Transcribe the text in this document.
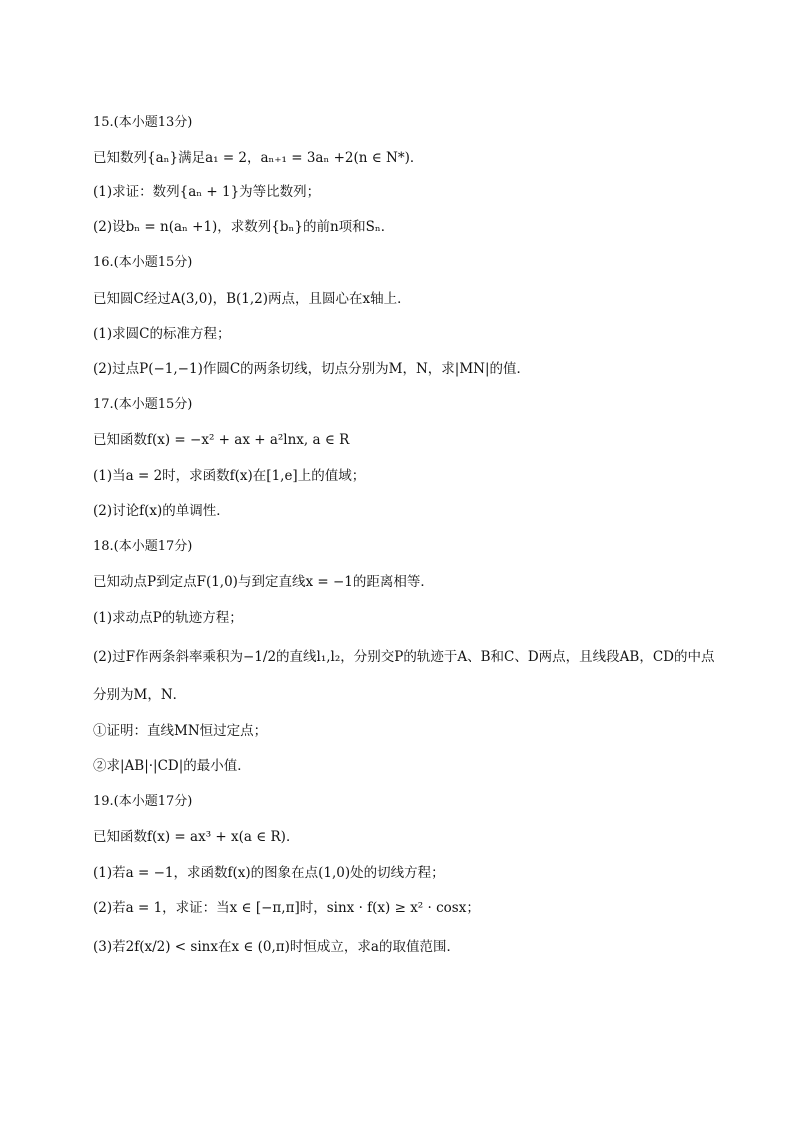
15.(本小题13分)
已知数列{aₙ}满足a₁ = 2，aₙ₊₁ = 3aₙ +2(n ∈ N*)．
(1)求证：数列{aₙ + 1}为等比数列；
(2)设bₙ = n(aₙ +1)，求数列{bₙ}的前n项和Sₙ．
16.(本小题15分)
已知圆C经过A(3,0)，B(1,2)两点，且圆心在x轴上．
(1)求圆C的标准方程；
(2)过点P(−1,−1)作圆C的两条切线，切点分别为M，N，求|MN|的值．
17.(本小题15分)
已知函数f(x) = −x² + ax + a²lnx, a ∈ R
(1)当a = 2时，求函数f(x)在[1,e]上的值域；
(2)讨论f(x)的单调性．
18.(本小题17分)
已知动点P到定点F(1,0)与到定直线x = −1的距离相等．
(1)求动点P的轨迹方程；
(2)过F作两条斜率乘积为−1/2的直线l₁,l₂，分别交P的轨迹于A、B和C、D两点，且线段AB，CD的中点
分别为M，N．
①证明：直线MN恒过定点；
②求|AB|·|CD|的最小值．
19.(本小题17分)
已知函数f(x) = ax³ + x(a ∈ R)．
(1)若a = −1，求函数f(x)的图象在点(1,0)处的切线方程；
(2)若a = 1，求证：当x ∈ [−π,π]时，sinx · f(x) ≥ x² · cosx；
(3)若2f(x/2) < sinx在x ∈ (0,π)时恒成立，求a的取值范围．
